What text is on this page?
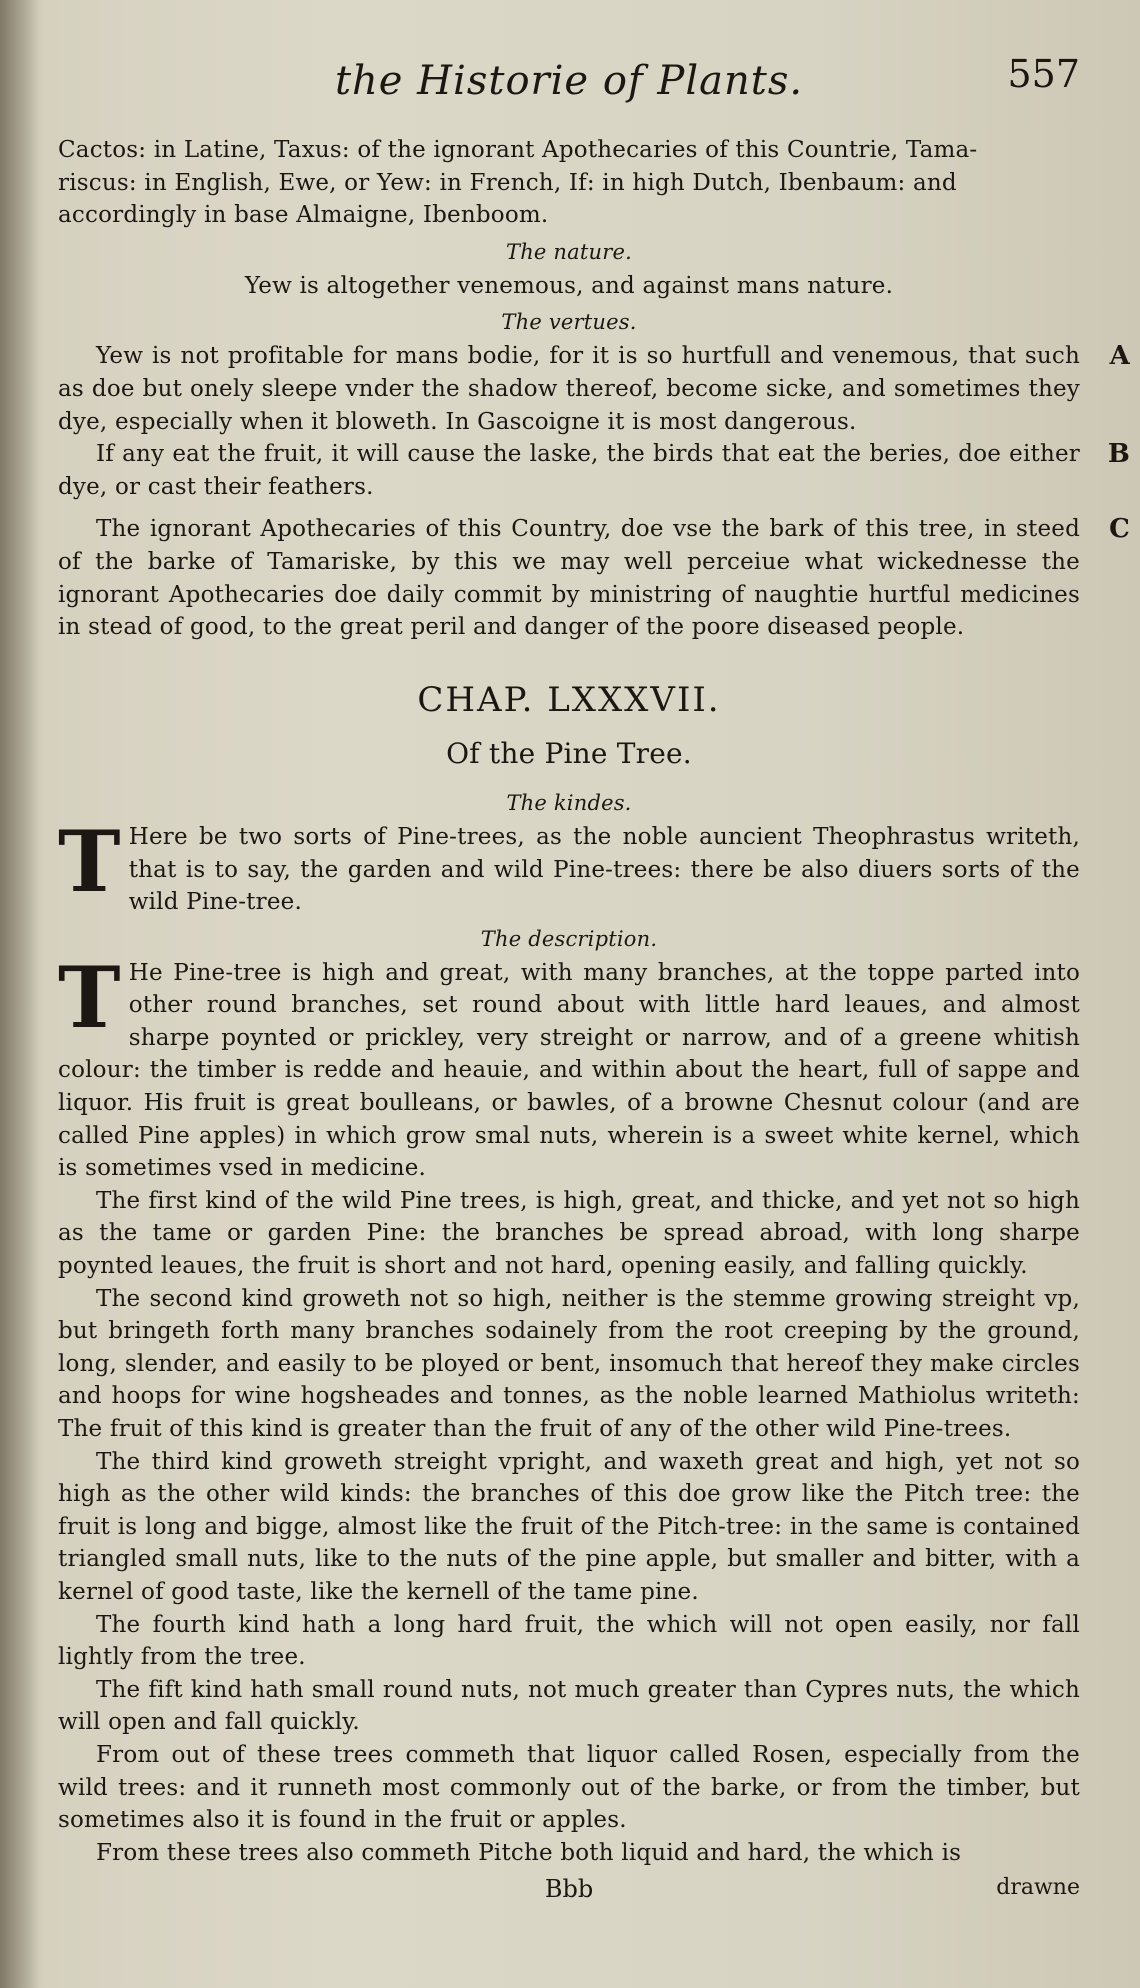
the Historie of Plants.	557

Cactos: in Latine, Taxus: of the ignorant Apothecaries of this Countrie, Tama-

riscus: in English, Ewe, or Yew: in French, If: in high Dutch, Ibenbaum: and

accordingly in base Almaigne, Ibenboom.

The nature.

Yew is altogether venemous, and against mans nature.

The vertues.

Yew is not profitable for mans bodie, for it is so hurtfull and venemous, that such as doe but onely sleepe vnder the shadow thereof, become sicke, and sometimes they dye, especially when it bloweth. In Gascoigne it is most dangerous.
A

If any eat the fruit, it will cause the laske, the birds that eat the beries, doe either dye, or cast their feathers.
B

The ignorant Apothecaries of this Country, doe vse the bark of this tree, in steed of the barke of Tamariske, by this we may well perceiue what wickednesse the ignorant Apothecaries doe daily commit by ministring of naughtie hurtful medicines in stead of good, to the great peril and danger of the poore diseased people.
C

CHAP. LXXXVII.
Of the Pine Tree.
The kindes.

T Here be two sorts of Pine-trees, as the noble auncient Theophrastus writeth, that is to say, the garden and wild Pine-trees: there be also diuers sorts of the wild Pine-tree.

The description.

T He Pine-tree is high and great, with many branches, at the toppe parted into other round branches, set round about with little hard leaues, and almost sharpe poynted or prickley, very streight or narrow, and of a greene whitish colour: the timber is redde and heauie, and within about the heart, full of sappe and liquor. His fruit is great boulleans, or bawles, of a browne Chesnut colour (and are called Pine apples) in which grow smal nuts, wherein is a sweet white kernel, which is sometimes vsed in medicine.

The first kind of the wild Pine trees, is high, great, and thicke, and yet not so high as the tame or garden Pine: the branches be spread abroad, with long sharpe poynted leaues, the fruit is short and not hard, opening easily, and falling quickly.

The second kind groweth not so high, neither is the stemme growing streight vp, but bringeth forth many branches sodainely from the root creeping by the ground, long, slender, and easily to be ployed or bent, insomuch that hereof they make circles and hoops for wine hogsheades and tonnes, as the noble learned Mathiolus writeth: The fruit of this kind is greater than the fruit of any of the other wild Pine-trees.

The third kind groweth streight vpright, and waxeth great and high, yet not so high as the other wild kinds: the branches of this doe grow like the Pitch tree: the fruit is long and bigge, almost like the fruit of the Pitch-tree: in the same is contained triangled small nuts, like to the nuts of the pine apple, but smaller and bitter, with a kernel of good taste, like the kernell of the tame pine.

The fourth kind hath a long hard fruit, the which will not open easily, nor fall lightly from the tree.

The fift kind hath small round nuts, not much greater than Cypres nuts, the which will open and fall quickly.

From out of these trees commeth that liquor called Rosen, especially from the wild trees: and it runneth most commonly out of the barke, or from the timber, but sometimes also it is found in the fruit or apples.

From these trees also commeth Pitche both liquid and hard, the which is

Bbb	drawne
